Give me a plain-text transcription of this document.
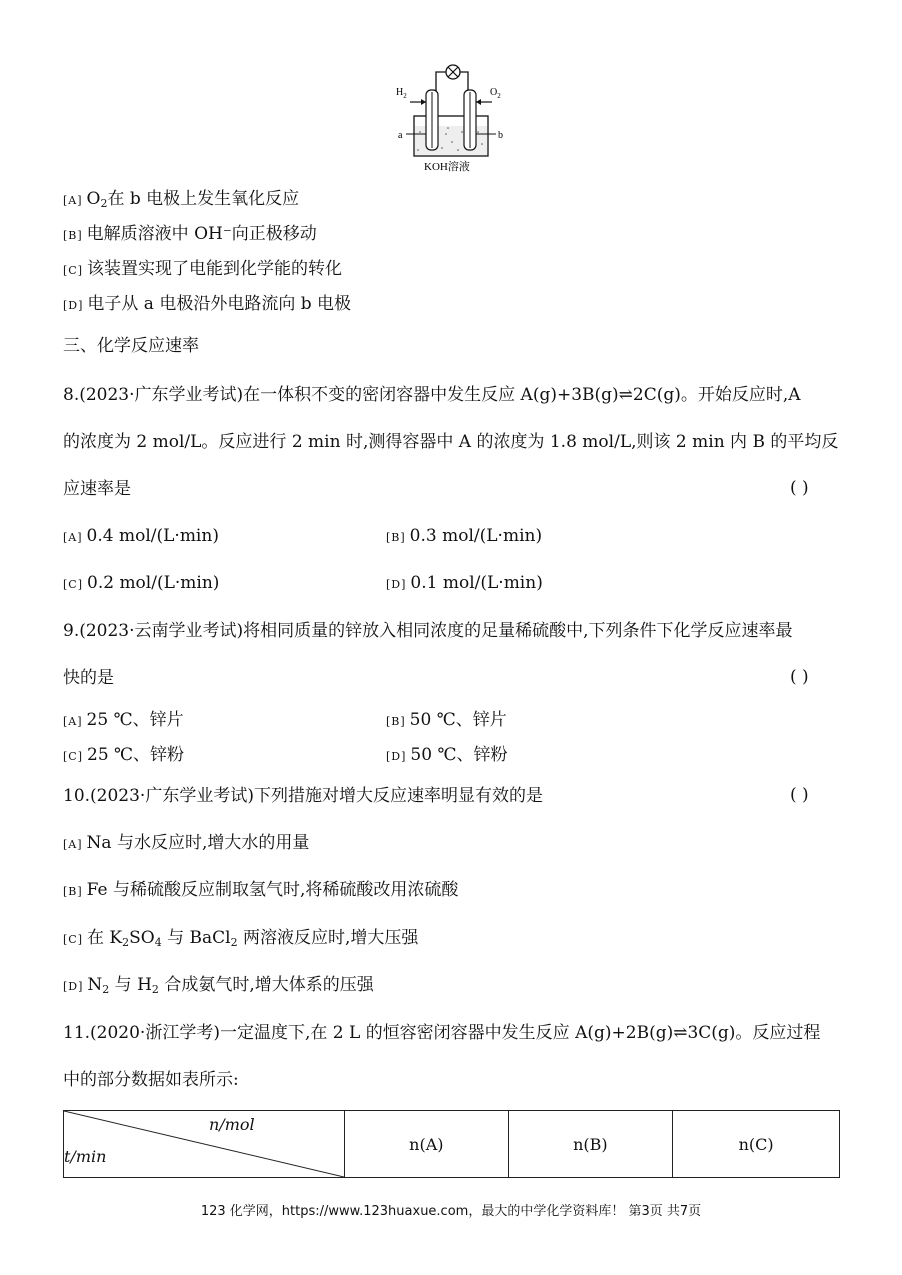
$H_2$	$O_2$
a	b
KOH溶液
[A] $O_2$在 b 电极上发生氧化反应
[B] 电解质溶液中 OH⁻向正极移动
[C] 该装置实现了电能到化学能的转化
[D] 电子从 a 电极沿外电路流向 b 电极
三、化学反应速率
8.(2023·广东学业考试)在一体积不变的密闭容器中发生反应 A(g)+3B(g)⇌2C(g)。开始反应时,A
的浓度为 2 mol/L。反应进行 2 min 时,测得容器中 A 的浓度为 1.8 mol/L,则该 2 min 内 B 的平均反
应速率是	( )
[A] 0.4 mol/(L·min)	[B] 0.3 mol/(L·min)
[C] 0.2 mol/(L·min)	[D] 0.1 mol/(L·min)
9.(2023·云南学业考试)将相同质量的锌放入相同浓度的足量稀硫酸中,下列条件下化学反应速率最
快的是	( )
[A] 25 ℃、锌片	[B] 50 ℃、锌片
[C] 25 ℃、锌粉	[D] 50 ℃、锌粉
10.(2023·广东学业考试)下列措施对增大反应速率明显有效的是	( )
[A] Na 与水反应时,增大水的用量
[B] Fe 与稀硫酸反应制取氢气时,将稀硫酸改用浓硫酸
[C] 在 $K_2SO_4$ 与 BaCl$_2$ 两溶液反应时,增大压强
[D] $N_2$ 与 $H_2$ 合成氨气时,增大体系的压强
11.(2020·浙江学考)一定温度下,在 2 L 的恒容密闭容器中发生反应 A(g)+2B(g)⇌3C(g)。反应过程
中的部分数据如表所示:
n/mol
t/min
	n(A)	n(B)	n(C)
123 化学网，https://www.123huaxue.com，最大的中学化学资料库！ 第3页 共7页
